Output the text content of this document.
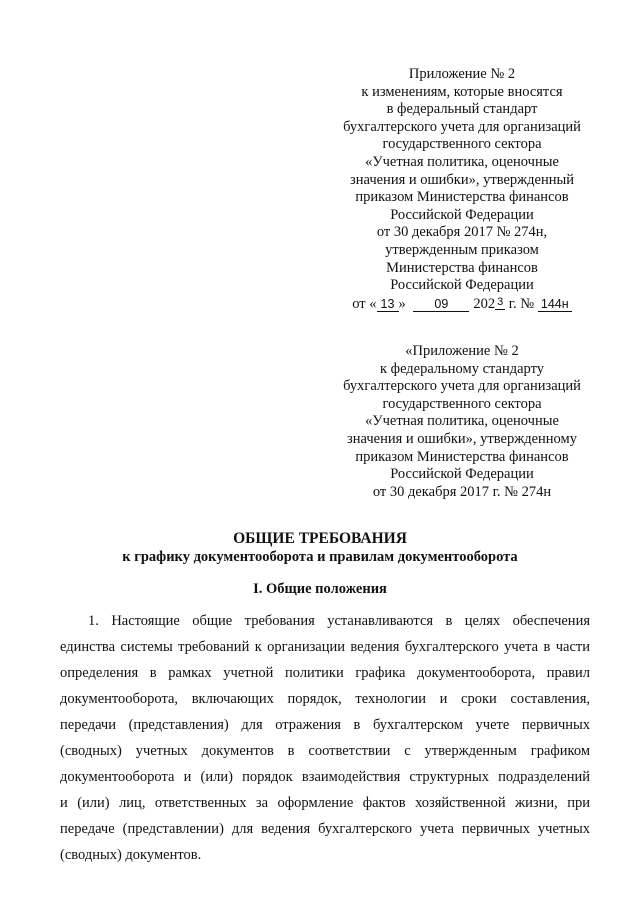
Приложение № 2
к изменениям, которые вносятся
в федеральный стандарт
бухгалтерского учета для организаций
государственного сектора
«Учетная политика, оценочные
значения и ошибки», утвержденный
приказом Министерства финансов
Российской Федерации
от 30 декабря 2017 № 274н,
утвержденным приказом
Министерства финансов
Российской Федерации
от « 13 » 09 202 3 г. № 144н
«Приложение № 2
к федеральному стандарту
бухгалтерского учета для организаций
государственного сектора
«Учетная политика, оценочные
значения и ошибки», утвержденному
приказом Министерства финансов
Российской Федерации
от 30 декабря 2017 г. № 274н
ОБЩИЕ ТРЕБОВАНИЯ
к графику документооборота и правилам документооборота
I. Общие положения
1. Настоящие общие требования устанавливаются в целях обеспечения
единства системы требований к организации ведения бухгалтерского учета в части
определения в рамках учетной политики графика документооборота, правил
документооборота, включающих порядок, технологии и сроки составления,
передачи (представления) для отражения в бухгалтерском учете первичных
(сводных) учетных документов в соответствии с утвержденным графиком
документооборота и (или) порядок взаимодействия структурных подразделений
и (или) лиц, ответственных за оформление фактов хозяйственной жизни, при
передаче (представлении) для ведения бухгалтерского учета первичных учетных
(сводных) документов.
